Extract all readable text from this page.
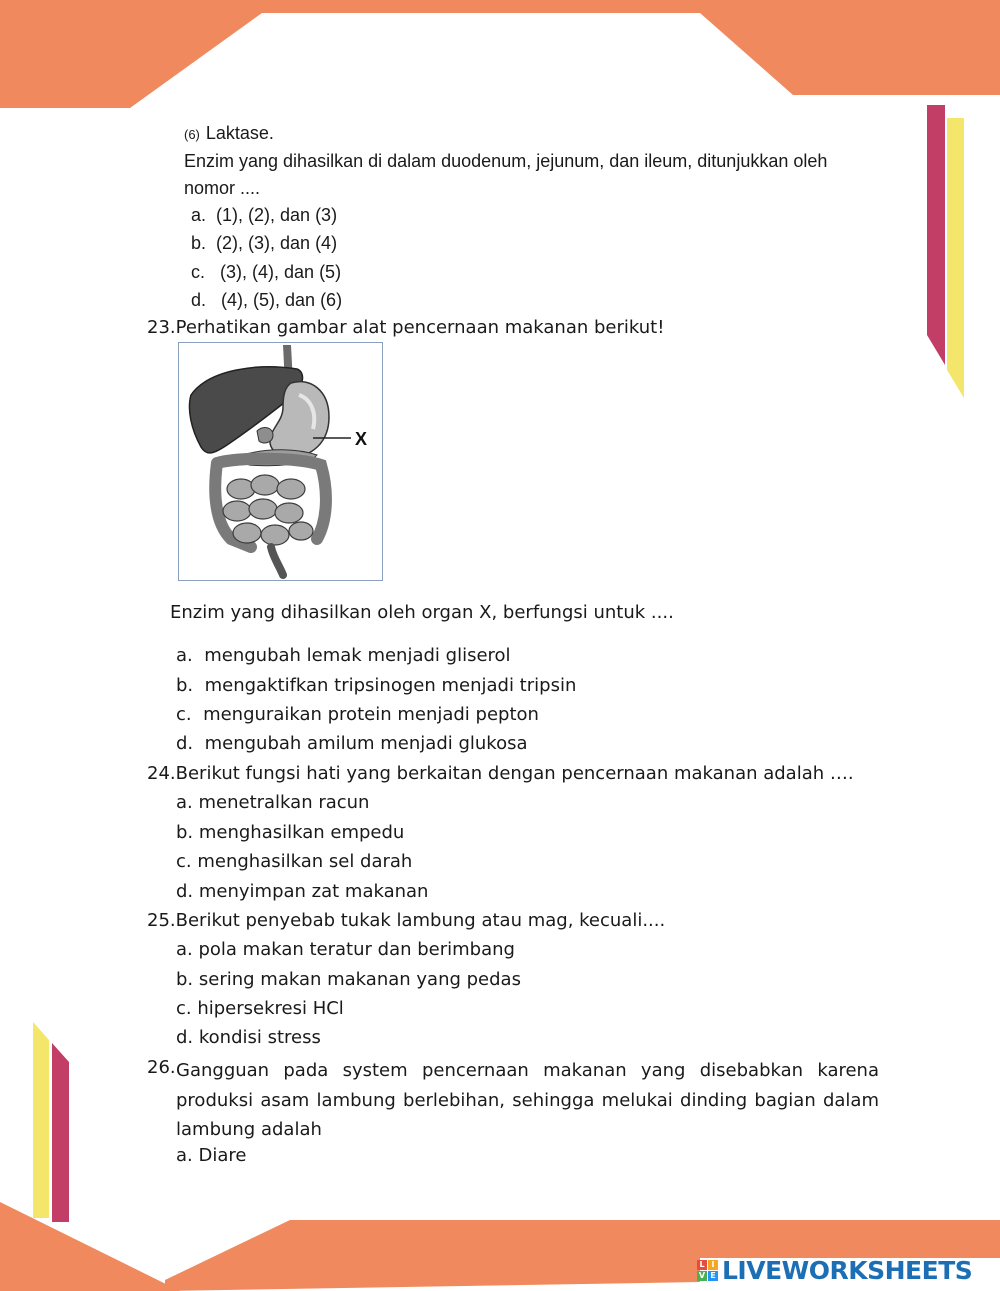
(6) Laktase.
Enzim yang dihasilkan di dalam duodenum, jejunum, dan ileum, ditunjukkan oleh
nomor ....
a. (1), (2), dan (3)
b. (2), (3), dan (4)
c. (3), (4), dan (5)
d. (4), (5), dan (6)
23.Perhatikan gambar alat pencernaan makanan berikut!
X
Enzim yang dihasilkan oleh organ X, berfungsi untuk ....
a. mengubah lemak menjadi gliserol
b. mengaktifkan tripsinogen menjadi tripsin
c. menguraikan protein menjadi pepton
d. mengubah amilum menjadi glukosa
24.Berikut fungsi hati yang berkaitan dengan pencernaan makanan adalah ….
a. menetralkan racun
b. menghasilkan empedu
c. menghasilkan sel darah
d. menyimpan zat makanan
25.Berikut penyebab tukak lambung atau mag, kecuali....
a. pola makan teratur dan berimbang
b. sering makan makanan yang pedas
c. hipersekresi HCl
d. kondisi stress
26. Gangguan pada system pencernaan makanan yang disebabkan karena produksi asam lambung berlebihan, sehingga melukai dinding bagian dalam lambung adalah
a. Diare
L I
V E LIVEWORKSHEETS
